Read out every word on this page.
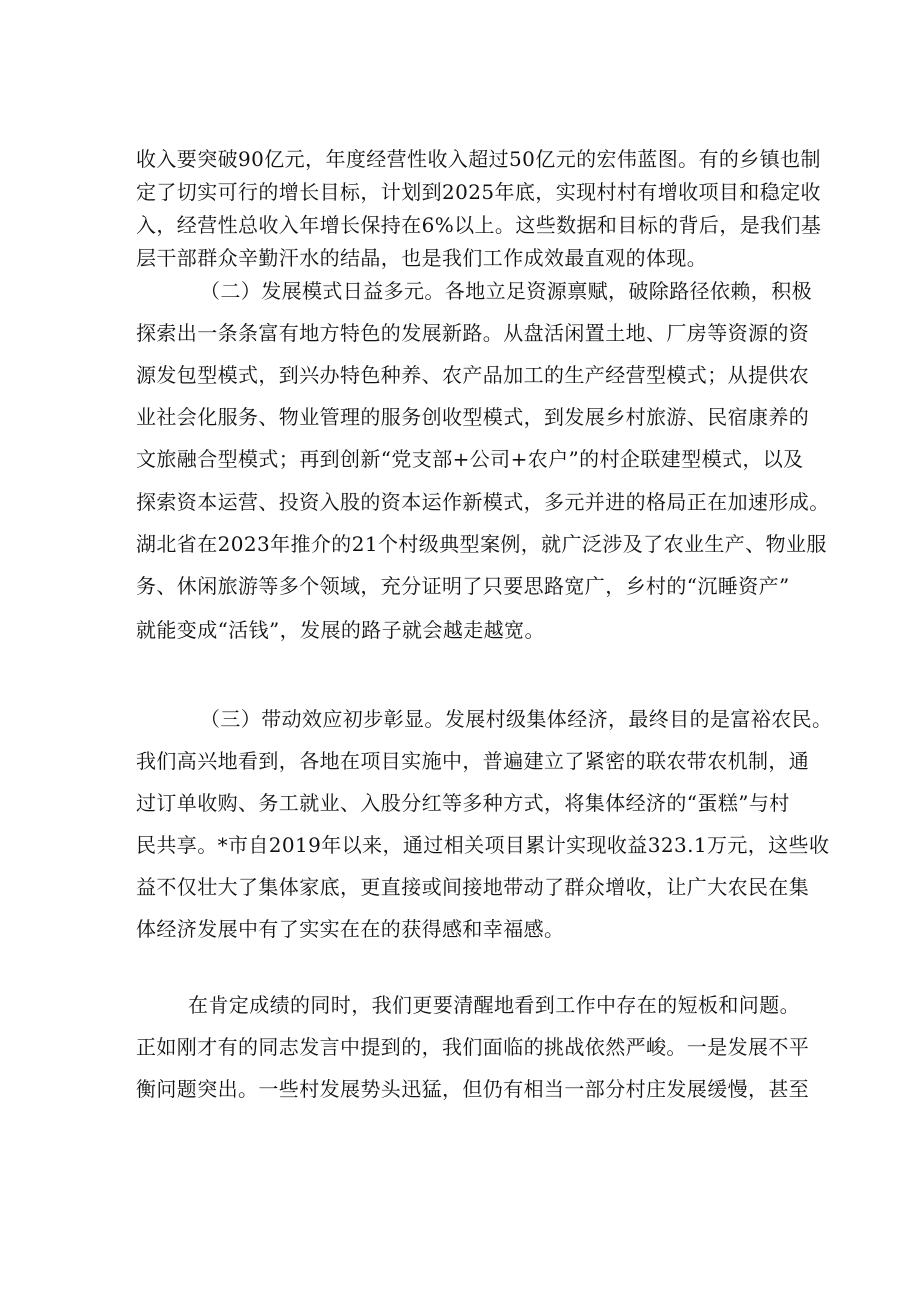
收入要突破90亿元，年度经营性收入超过50亿元的宏伟蓝图。有的乡镇也制
定了切实可行的增长目标，计划到2025年底，实现村村有增收项目和稳定收
入，经营性总收入年增长保持在6%以上。这些数据和目标的背后，是我们基
层干部群众辛勤汗水的结晶，也是我们工作成效最直观的体现。
（二）发展模式日益多元。各地立足资源禀赋，破除路径依赖，积极
探索出一条条富有地方特色的发展新路。从盘活闲置土地、厂房等资源的资
源发包型模式，到兴办特色种养、农产品加工的生产经营型模式；从提供农
业社会化服务、物业管理的服务创收型模式，到发展乡村旅游、民宿康养的
文旅融合型模式；再到创新“党支部+公司+农户”的村企联建型模式，以及
探索资本运营、投资入股的资本运作新模式，多元并进的格局正在加速形成。
湖北省在2023年推介的21个村级典型案例，就广泛涉及了农业生产、物业服
务、休闲旅游等多个领域，充分证明了只要思路宽广，乡村的“沉睡资产”
就能变成“活钱”，发展的路子就会越走越宽。
（三）带动效应初步彰显。发展村级集体经济，最终目的是富裕农民。
我们高兴地看到，各地在项目实施中，普遍建立了紧密的联农带农机制，通
过订单收购、务工就业、入股分红等多种方式，将集体经济的“蛋糕”与村
民共享。*市自2019年以来，通过相关项目累计实现收益323.1万元，这些收
益不仅壮大了集体家底，更直接或间接地带动了群众增收，让广大农民在集
体经济发展中有了实实在在的获得感和幸福感。
在肯定成绩的同时，我们更要清醒地看到工作中存在的短板和问题。
正如刚才有的同志发言中提到的，我们面临的挑战依然严峻。一是发展不平
衡问题突出。一些村发展势头迅猛，但仍有相当一部分村庄发展缓慢，甚至
